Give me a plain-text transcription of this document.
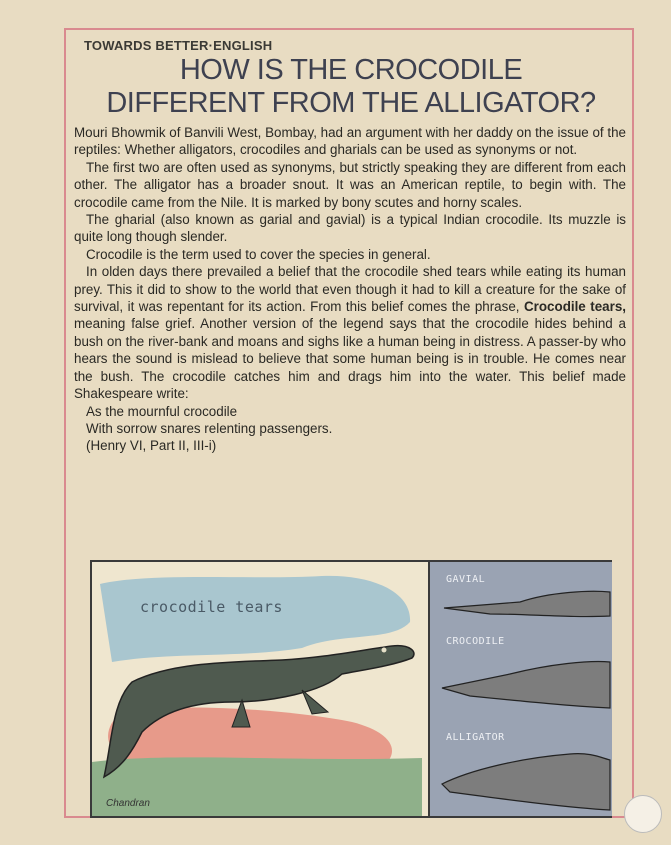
TOWARDS BETTER·ENGLISH
HOW IS THE CROCODILE
DIFFERENT FROM THE ALLIGATOR?

Mouri Bhowmik of Banvili West, Bombay, had an argument with her daddy on the issue of the reptiles: Whether alligators, crocodiles and gharials can be used as synonyms or not.

The first two are often used as synonyms, but strictly speaking they are different from each other. The alligator has a broader snout. It was an American reptile, to begin with. The crocodile came from the Nile. It is marked by bony scutes and horny scales.

The gharial (also known as garial and gavial) is a typical Indian crocodile. Its muzzle is quite long though slender.

Crocodile is the term used to cover the species in general.

In olden days there prevailed a belief that the crocodile shed tears while eating its human prey. This it did to show to the world that even though it had to kill a creature for the sake of survival, it was repentant for its action. From this belief comes the phrase, Crocodile tears, meaning false grief. Another version of the legend says that the crocodile hides behind a bush on the river-bank and moans and sighs like a human being in distress. A passer-by who hears the sound is mislead to believe that some human being is in trouble. He comes near the bush. The crocodile catches him and drags him into the water. This belief made Shakespeare write:

As the mournful crocodile

With sorrow snares relenting passengers.

(Henry VI, Part II, III-i)

crocodile tears
Chandran
GAVIAL
CROCODILE
ALLIGATOR
